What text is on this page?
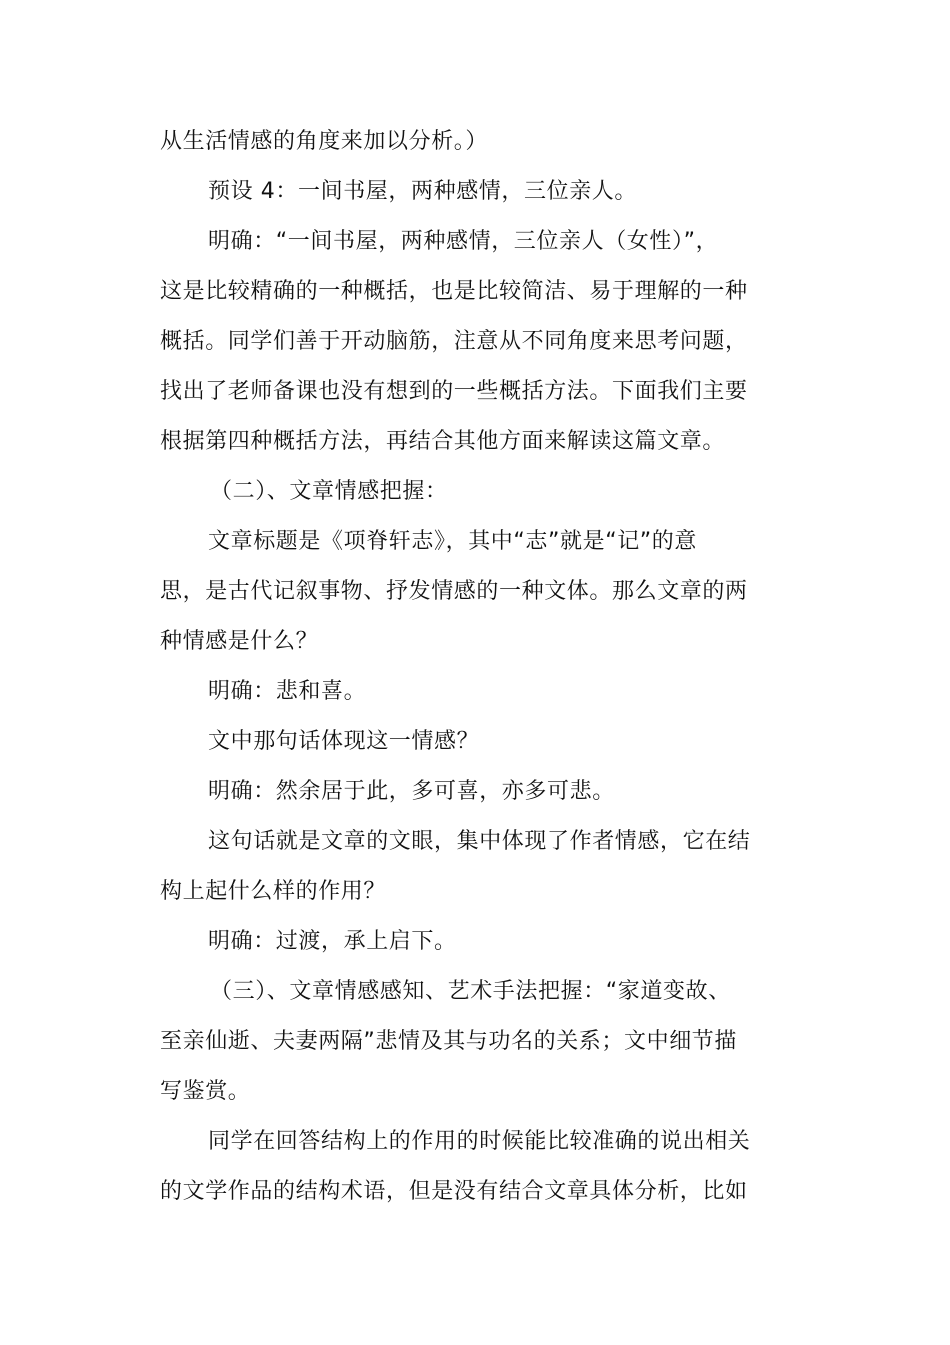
从生活情感的角度来加以分析。）
预设 4：一间书屋，两种感情，三位亲人。
明确：“一间书屋，两种感情，三位亲人（女性）”，
这是比较精确的一种概括，也是比较简洁、易于理解的一种
概括。同学们善于开动脑筋，注意从不同角度来思考问题，
找出了老师备课也没有想到的一些概括方法。下面我们主要
根据第四种概括方法，再结合其他方面来解读这篇文章。
（二）、文章情感把握：
文章标题是《项脊轩志》，其中“志”就是“记”的意
思，是古代记叙事物、抒发情感的一种文体。那么文章的两
种情感是什么？
明确：悲和喜。
文中那句话体现这一情感？
明确：然余居于此，多可喜，亦多可悲。
这句话就是文章的文眼，集中体现了作者情感，它在结
构上起什么样的作用？
明确：过渡，承上启下。
（三）、文章情感感知、艺术手法把握：“家道变故、
至亲仙逝、夫妻两隔”悲情及其与功名的关系；文中细节描
写鉴赏。
同学在回答结构上的作用的时候能比较准确的说出相关
的文学作品的结构术语，但是没有结合文章具体分析，比如
